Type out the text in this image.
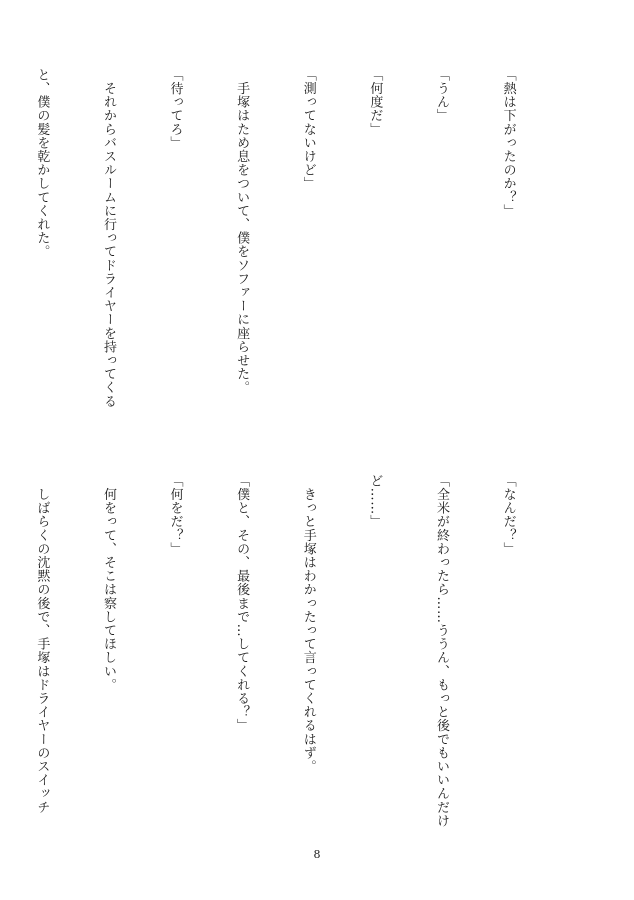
「熱は下がったのか？」

「うん」

「何度だ」

「測ってないけど」

　手塚はため息をついて、僕をソファーに座らせた。

「待ってろ」

　それからバスルームに行ってドライヤーを持ってくる

と、僕の髪を乾かしてくれた。

「なんだ？」

「全米が終わったら……ううん、もっと後でもいいんだけ

ど……」

　きっと手塚はわかったって言ってくれるはず。

「僕と、その、最後まで…してくれる？」

「何をだ？」

　何をって、そこは察してほしい。

　しばらくの沈黙の後で、手塚はドライヤーのスイッチ

8
